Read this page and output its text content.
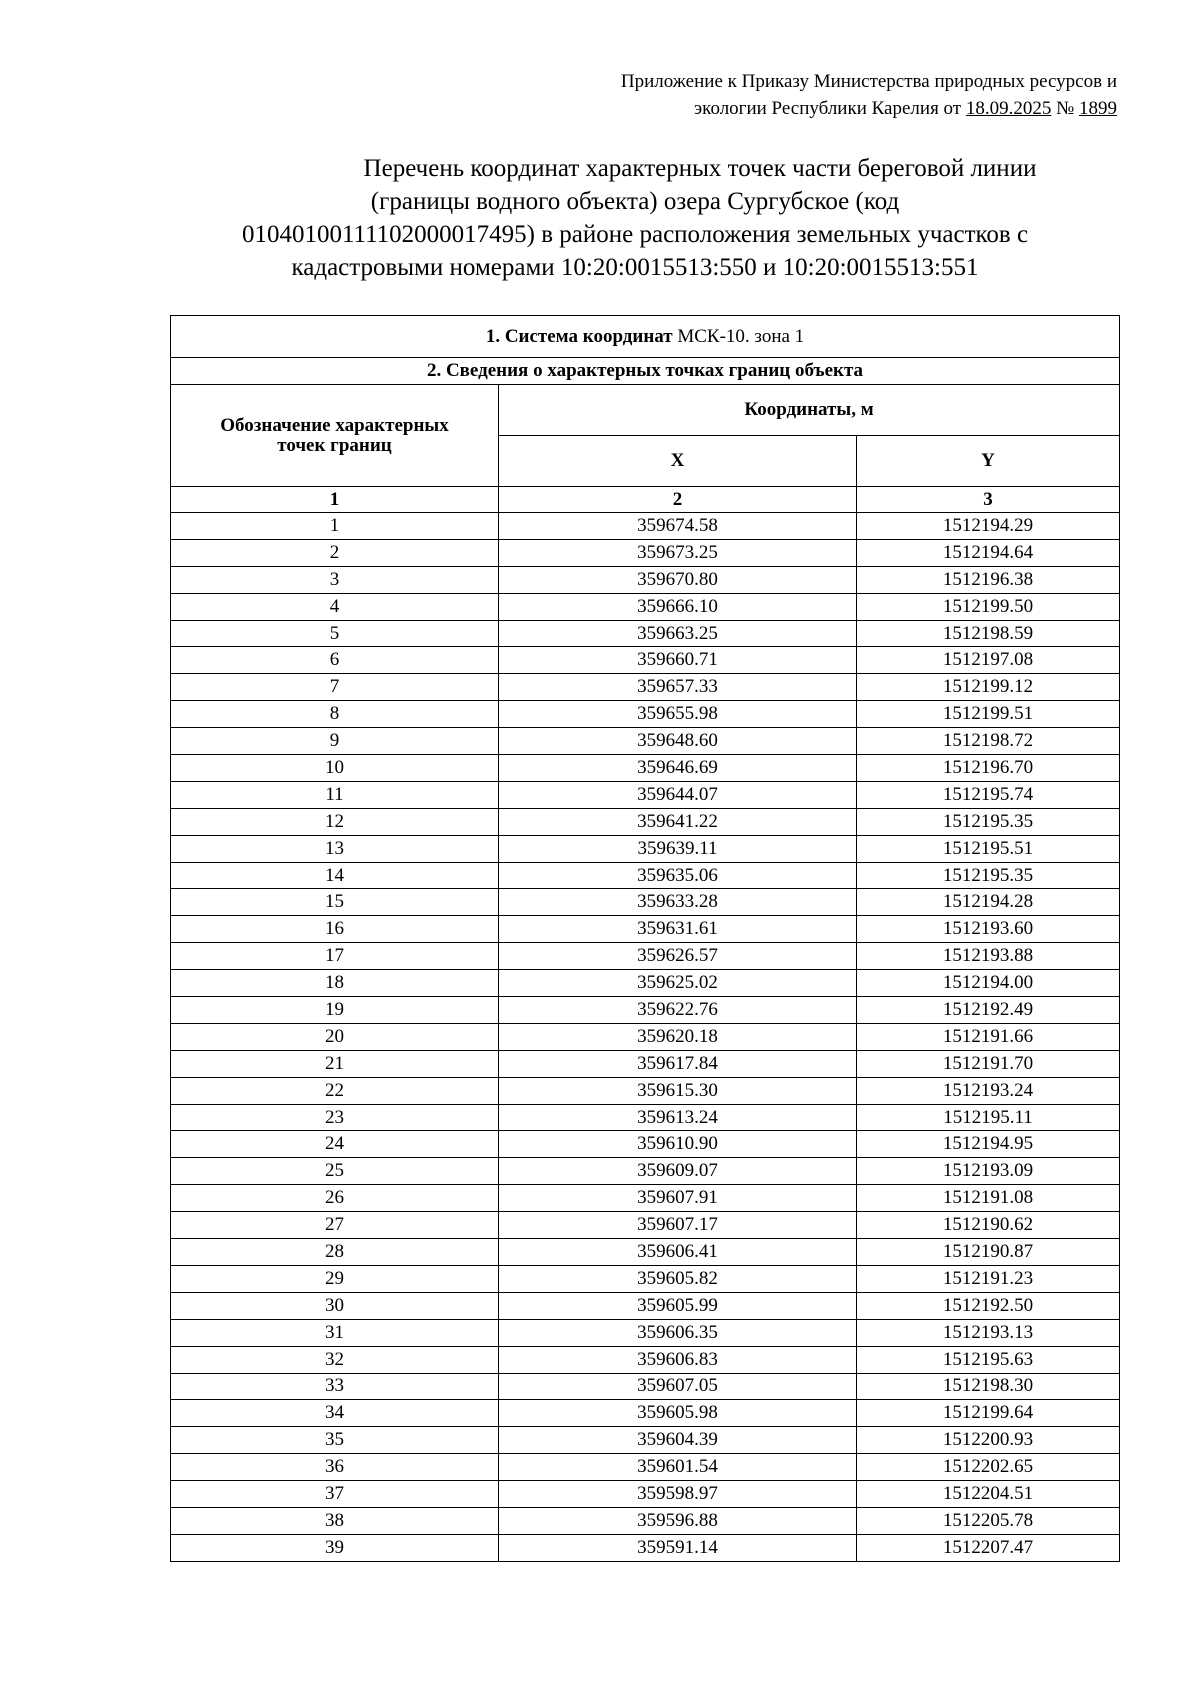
Приложение к Приказу Министерства природных ресурсов и
экологии Республики Карелия от 18.09.2025 № 1899
Перечень координат характерных точек части береговой линии
(границы водного объекта) озера Сургубское (код
01040100111102000017495) в районе расположения земельных участков с
кадастровыми номерами 10:20:0015513:550 и 10:20:0015513:551
1. Система координат МСК-10. зона 1		
2. Сведения о характерных точках границ объекта		
Обозначение характерных точек границ	Координаты, м	
	X	Y
1	2	3
1	359674.58	1512194.29
2	359673.25	1512194.64
3	359670.80	1512196.38
4	359666.10	1512199.50
5	359663.25	1512198.59
6	359660.71	1512197.08
7	359657.33	1512199.12
8	359655.98	1512199.51
9	359648.60	1512198.72
10	359646.69	1512196.70
11	359644.07	1512195.74
12	359641.22	1512195.35
13	359639.11	1512195.51
14	359635.06	1512195.35
15	359633.28	1512194.28
16	359631.61	1512193.60
17	359626.57	1512193.88
18	359625.02	1512194.00
19	359622.76	1512192.49
20	359620.18	1512191.66
21	359617.84	1512191.70
22	359615.30	1512193.24
23	359613.24	1512195.11
24	359610.90	1512194.95
25	359609.07	1512193.09
26	359607.91	1512191.08
27	359607.17	1512190.62
28	359606.41	1512190.87
29	359605.82	1512191.23
30	359605.99	1512192.50
31	359606.35	1512193.13
32	359606.83	1512195.63
33	359607.05	1512198.30
34	359605.98	1512199.64
35	359604.39	1512200.93
36	359601.54	1512202.65
37	359598.97	1512204.51
38	359596.88	1512205.78
39	359591.14	1512207.47
